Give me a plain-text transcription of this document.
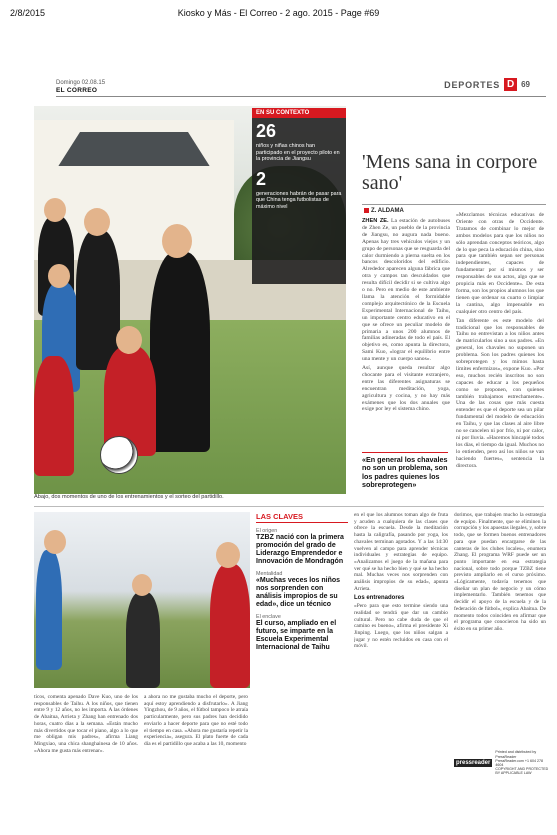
2/8/2015	Kiosko y Más - El Correo - 2 ago. 2015 - Page #69
Domingo 02.08.15
EL CORREO
DEPORTES D 69
Abajo, dos momentos de uno de los entrenamientos y el sorteo del partidillo.
EN SU CONTEXTO
26
niños y niñas chinos han participado en el proyecto piloto en la provincia de Jiangsu
2
generaciones habrán de pasar para que China tenga futbolistas de máximo nivel
'Mens sana in corpore sano'
Z. ALDAMA

ZHEN ZE. La estación de autobuses de Zhen Ze, un pueblo de la provincia de Jiangsu, no augura nada bueno. Apenas hay tres vehículos viejos y un grupo de personas que se resguarda del calor durmiendo a pierna suelta en los bancos descoloridos del edificio. Alrededor aparecen alguna fábrica que otra y campos tan descuidados que resulta difícil decidir si se cultiva algo o no. Pero en medio de este ambiente llama la atención el formidable complejo arquitectónico de la Escuela Experimental Internacional de Taihu, un importante centro educativo en el que se ofrece un peculiar modelo de primaria a unos 200 alumnos de familias adineradas de todo el país. El objetivo es, como apunta la directora, Sami Kuo, «lograr el equilibrio entre una mente y un cuerpo sanos».

Así, aunque queda resultar algo chocante para el visitante extranjero, entre las diferentes asignaturas se encuentran meditación, yoga, agricultura y cocina, y no hay más exámenes que los dos anuales que exige por ley el sistema chino.

«Mezclamos técnicas educativas de Oriente con otras de Occidente. Tratamos de combinar lo mejor de ambos modelos para que los niños no sólo aprendan conceptos teóricos, algo de lo que peca la educación china, sino para que también sepan ser personas independientes, capaces de fundamentar por sí mismos y ser responsables de sus actos, algo que se propicia más en Occidente». De esta forma, son los propios alumnos los que tienen que ordenar su cuarto o limpiar la cantina, algo impensable en cualquier otro centro del país.

Tan diferente es este modelo del tradicional que los responsables de Taihu no entrevistan a los niños antes de matricularlos sino a sus padres. «En general, los chavales no suponen un problema. Son los padres quienes los sobreprotegen y los mimos hasta límites enfermizos», expone Kuo. «Por eso, muchos recién inscritos no son capaces de educar a los pequeños como se proponen, con quienes también trabajamos estrechamente». Una de las cosas que más cuesta entender es que el deporte sea un pilar fundamental del modelo de educación en Taihu, y que las clases al aire libre no se cancelen ni por frío, ni por calor, ni por lluvia. «Hacemos hincapié todos los días, el tiempo da igual. Muchos no lo entienden, pero así los niños se van haciendo fuertes», sentencia la directora.

«En general los chavales no son un problema, son los padres quienes los sobreprotegen»
LAS CLAVES
El origen
TZBZ nació con la primera promoción del grado de Liderazgo Emprendedor e Innovación de Mondragón
Mentalidad
«Muchas veces los niños nos sorprenden con análisis impropios de su edad», dice un técnico
El enclave
El curso, ampliado en el futuro, se imparte en la Escuela Experimental Internacional de Taihu

ticos, comenta apenado Dave Kuo, uno de los responsables de Taihu. A los niños, que tienen entre 9 y 12 años, no les importa. A las órdenes de Abaitua, Arrieta y Zhang han entrenado dos horas, cuatro días a la semana. «Están mucho más divertidos que tocar el piano, algo a lo que me obligan mis padres», afirma Liang Mingxiao, una chica shanghainesa de 10 años. «Ahora me gusta más entrenar».

a ahora no me gustaba mucho el deporte, pero aquí estoy aprendiendo a disfrutarlo». A Jiang Yingzhou, de 9 años, el fútbol tampoco le atraía particularmente, pero sus padres han decidido enviarlo a hacer deporte para que no esté todo el tiempo en casa. «Ahora me gustaría repetir la experiencia», asegura. El plato fuerte de cada día es el partidillo que acaba a las 10, momento

en el que los alumnos toman algo de fruta y acuden a cualquiera de las clases que ofrece la escuela. Desde la meditación hasta la caligrafía, pasando por yoga, los chavales terminan agotados. Y a las 14:30 vuelven al campo para aprender técnicas individuales y estrategias de equipo. «Analizamos el juego de la mañana para ver qué se ha hecho bien y qué se ha hecho mal. Muchas veces nos sorprenden con análisis impropios de su edad», apunta Arrieta.

Los entrenadores

«Pero para que esto termine siendo una realidad se tendrá que dar un cambio cultural. Pero no cabe duda de que el camino es bueno», afirma el presidente Xi Jinping. Luego, que los niños salgan a jugar y no estén recluidos en casa con el móvil.

dorimos, que trabajen mucho la estrategia de equipo. Finalmente, que se eliminen la corrupción y los apuestas ilegales, y, sobre todo, que se formen buenos entrenadores para que puedan encargarse de las canteras de los clubes locales», enumera Zhang. El programa WRF puede ser un punto importante en esa estrategia nacional, sobre todo porque TZBZ tiene previsto ampliarlo en el curso próximo. «Lógicamente, todavía tenemos que diseñar un plan de negocio y un cómo implementarlo. También tenemos que decidir el apoyo de la escuela y de la federación de fútbol», explica Abaitua. De momento todos coinciden en afirmar que el programa que conocieron ha sido un éxito en su primer año.

pressreader
Printed and distributed by PressReader
PressReader.com +1 604 278 4604
COPYRIGHT AND PROTECTED BY APPLICABLE LAW
